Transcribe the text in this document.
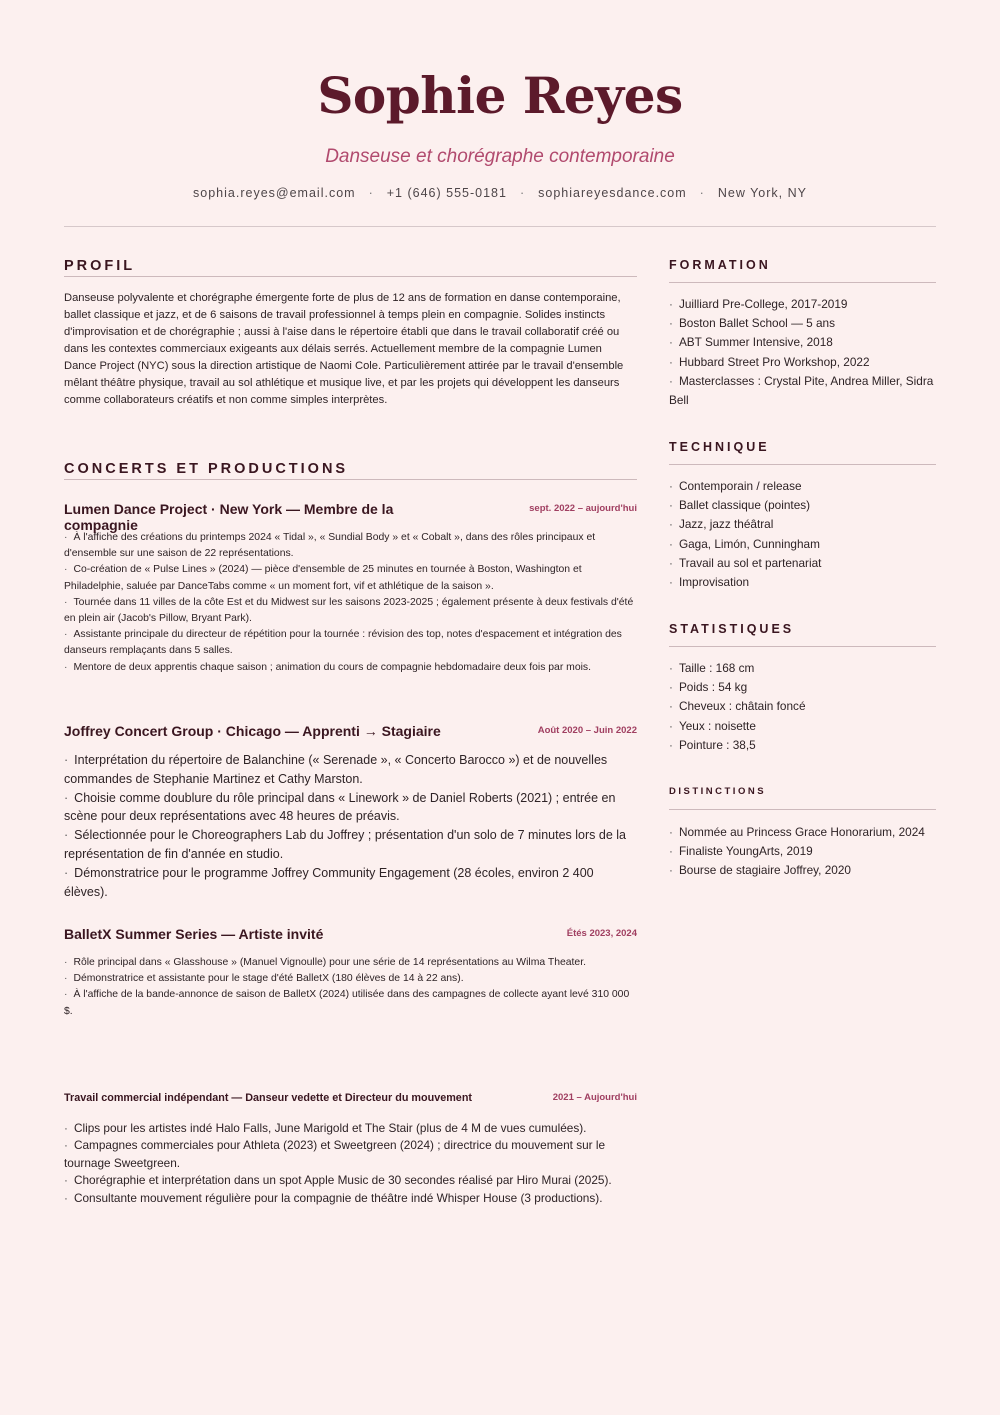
Sophie Reyes
Danseuse et chorégraphe contemporaine
sophia.reyes@email.com · +1 (646) 555-0181 · sophiareyesdance.com · New York, NY
PROFIL
Danseuse polyvalente et chorégraphe émergente forte de plus de 12 ans de formation en danse contemporaine, ballet classique et jazz, et de 6 saisons de travail professionnel à temps plein en compagnie. Solides instincts d'improvisation et de chorégraphie ; aussi à l'aise dans le répertoire établi que dans le travail collaboratif créé ou dans les contextes commerciaux exigeants aux délais serrés. Actuellement membre de la compagnie Lumen Dance Project (NYC) sous la direction artistique de Naomi Cole. Particulièrement attirée par le travail d'ensemble mêlant théâtre physique, travail au sol athlétique et musique live, et par les projets qui développent les danseurs comme collaborateurs créatifs et non comme simples interprètes.
CONCERTS ET PRODUCTIONS
Lumen Dance Project · New York — Membre de la compagnie
sept. 2022 – aujourd'hui
· À l'affiche des créations du printemps 2024 « Tidal », « Sundial Body » et « Cobalt », dans des rôles principaux et d'ensemble sur une saison de 22 représentations.
· Co-création de « Pulse Lines » (2024) — pièce d'ensemble de 25 minutes en tournée à Boston, Washington et Philadelphie, saluée par DanceTabs comme « un moment fort, vif et athlétique de la saison ».
· Tournée dans 11 villes de la côte Est et du Midwest sur les saisons 2023-2025 ; également présente à deux festivals d'été en plein air (Jacob's Pillow, Bryant Park).
· Assistante principale du directeur de répétition pour la tournée : révision des top, notes d'espacement et intégration des danseurs remplaçants dans 5 salles.
· Mentore de deux apprentis chaque saison ; animation du cours de compagnie hebdomadaire deux fois par mois.
Joffrey Concert Group · Chicago — Apprenti → Stagiaire	Août 2020 – Juin 2022
· Interprétation du répertoire de Balanchine (« Serenade », « Concerto Barocco ») et de nouvelles commandes de Stephanie Martinez et Cathy Marston.
· Choisie comme doublure du rôle principal dans « Linework » de Daniel Roberts (2021) ; entrée en scène pour deux représentations avec 48 heures de préavis.
· Sélectionnée pour le Choreographers Lab du Joffrey ; présentation d'un solo de 7 minutes lors de la représentation de fin d'année en studio.
· Démonstratrice pour le programme Joffrey Community Engagement (28 écoles, environ 2 400 élèves).
BalletX Summer Series — Artiste invité	Étés 2023, 2024
· Rôle principal dans « Glasshouse » (Manuel Vignoulle) pour une série de 14 représentations au Wilma Theater.
· Démonstratrice et assistante pour le stage d'été BalletX (180 élèves de 14 à 22 ans).
· À l'affiche de la bande-annonce de saison de BalletX (2024) utilisée dans des campagnes de collecte ayant levé 310 000 $.
Travail commercial indépendant — Danseur vedette et Directeur du mouvement	2021 – Aujourd'hui
· Clips pour les artistes indé Halo Falls, June Marigold et The Stair (plus de 4 M de vues cumulées).
· Campagnes commerciales pour Athleta (2023) et Sweetgreen (2024) ; directrice du mouvement sur le tournage Sweetgreen.
· Chorégraphie et interprétation dans un spot Apple Music de 30 secondes réalisé par Hiro Murai (2025).
· Consultante mouvement régulière pour la compagnie de théâtre indé Whisper House (3 productions).
FORMATION
· Juilliard Pre-College, 2017-2019
· Boston Ballet School — 5 ans
· ABT Summer Intensive, 2018
· Hubbard Street Pro Workshop, 2022
· Masterclasses : Crystal Pite, Andrea Miller, Sidra Bell
TECHNIQUE
· Contemporain / release
· Ballet classique (pointes)
· Jazz, jazz théâtral
· Gaga, Limón, Cunningham
· Travail au sol et partenariat
· Improvisation
STATISTIQUES
· Taille : 168 cm
· Poids : 54 kg
· Cheveux : châtain foncé
· Yeux : noisette
· Pointure : 38,5
DISTINCTIONS
· Nommée au Princess Grace Honorarium, 2024
· Finaliste YoungArts, 2019
· Bourse de stagiaire Joffrey, 2020
